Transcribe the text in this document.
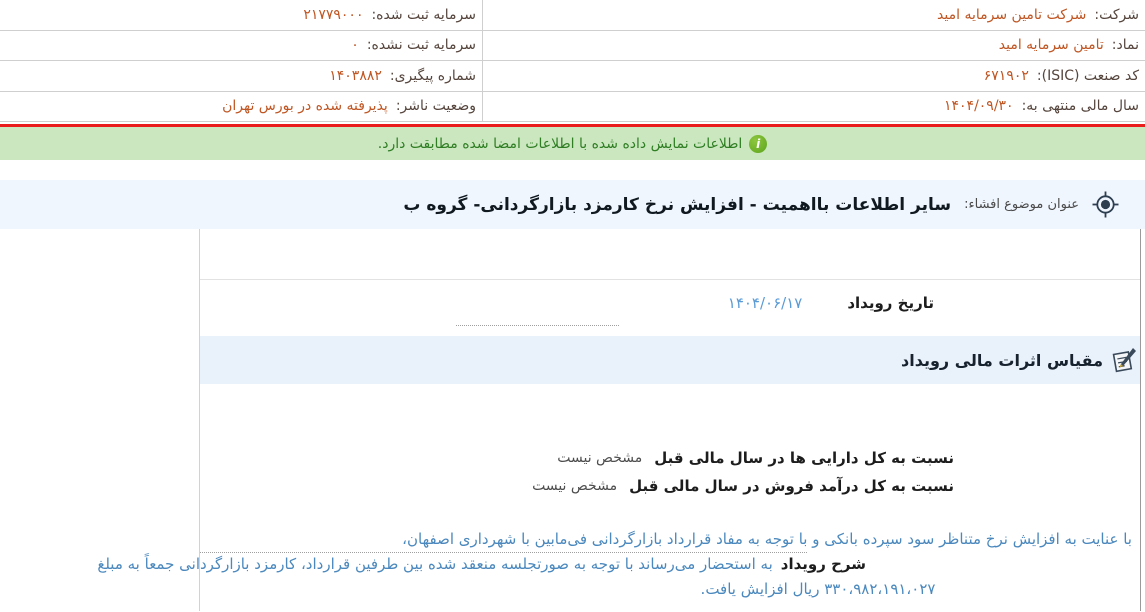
شرکت:
شرکت تامین سرمایه امید
سرمایه ثبت شده:
۲۱۷۷۹۰۰۰
نماد:
تامین سرمایه امید
سرمایه ثبت نشده:
۰
کد صنعت (ISIC):
۶۷۱۹۰۲
شماره پیگیری:
۱۴۰۳۸۸۲
سال مالی منتهی به:
۱۴۰۴/۰۹/۳۰
وضعیت ناشر:
پذیرفته شده در بورس تهران
i
اطلاعات نمایش داده شده با اطلاعات امضا شده مطابقت دارد.
عنوان موضوع افشاء:
سایر اطلاعات بااهمیت - افزایش نرخ کارمزد بازارگردانی- گروه ب
تاریخ رویداد
۱۴۰۴/۰۶/۱۷
مقیاس اثرات مالی رویداد
نسبت به کل دارایی ها در سال مالی قبل
مشخص نیست
نسبت به کل درآمد فروش در سال مالی قبل
مشخص نیست
با عنایت به افزایش نرخ متناظر سود سپرده بانکی و با توجه به مفاد قرارداد بازارگردانی فی‌مابین با شهرداری اصفهان،
شرح رویداد
به استحضار می‌رساند با توجه به صورتجلسه منعقد شده بین طرفین قرارداد، کارمزد بازارگردانی جمعاً به مبلغ
۳۳۰،۹۸۲،۱۹۱،۰۲۷ ریال افزایش یافت.
